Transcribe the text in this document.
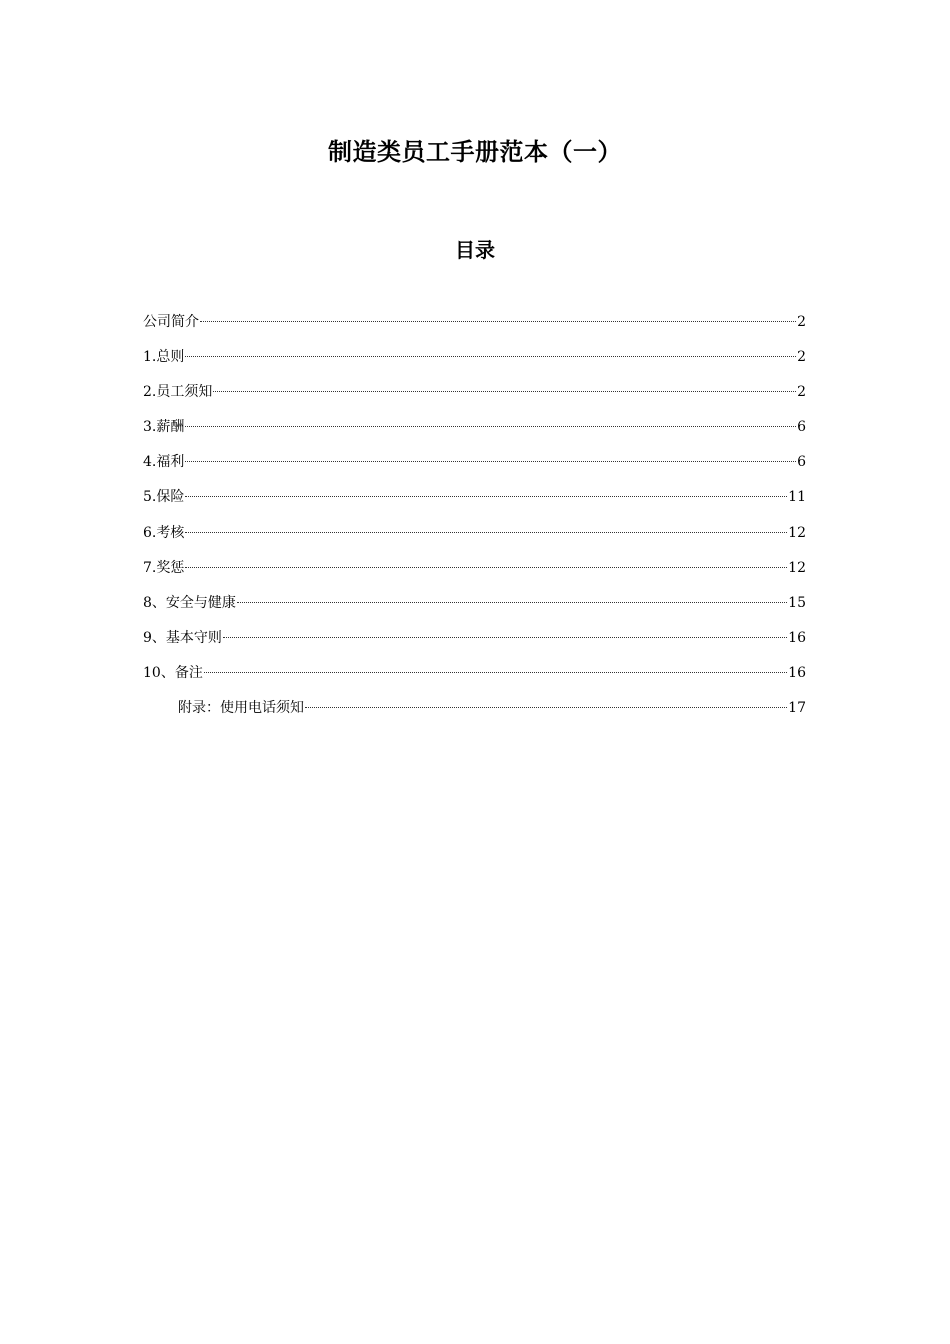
制造类员工手册范本（一）
目录
公司简介	2
1.总则	2
2.员工须知	2
3.薪酬	6
4.福利	6
5.保险	11
6.考核	12
7.奖惩	12
8、安全与健康	15
9、基本守则	16
10、备注	16
附录：使用电话须知	17
